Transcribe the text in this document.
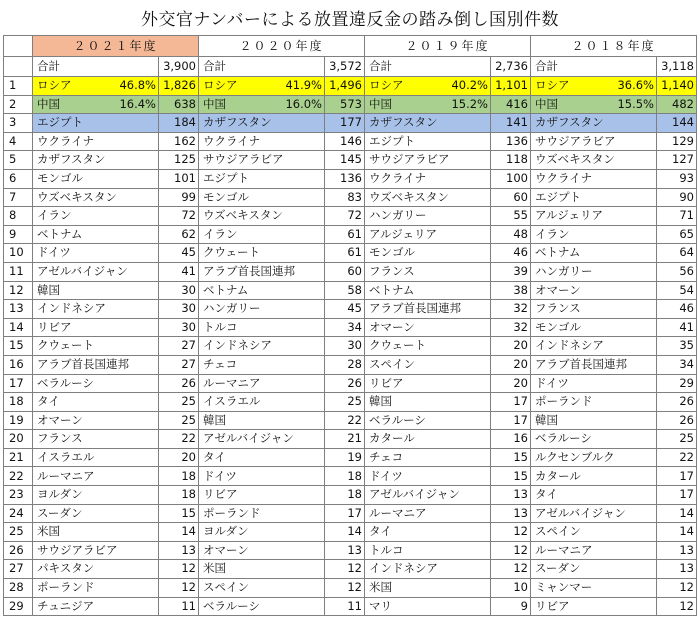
外交官ナンバーによる放置違反金の踏み倒し国別件数
２０２１年度	２０２０年度	２０１９年度	２０１８年度
合計	3,900 合計	3,572 合計	2,736 合計	3,118
1	ロシア	46.8% 1,826 ロシア	41.9% 1,496 ロシア	40.2% 1,101 ロシア	36.6% 1,140
2	中国	16.4%	638 中国	16.0%	573 中国	15.2%	416 中国	15.5%	482
3	エジプト	184 カザフスタン	177 カザフスタン	141 カザフスタン	144
4	ウクライナ	162 ウクライナ	146 エジプト	136 サウジアラビア	129
5	カザフスタン	125 サウジアラビア	145 サウジアラビア	118 ウズベキスタン	127
6	モンゴル	101 エジプト	136 ウクライナ	100 ウクライナ	93
7	ウズベキスタン	99 モンゴル	83 ウズベキスタン	60 エジプト	90
8	イラン	72 ウズベキスタン	72 ハンガリー	55 アルジェリア	71
9	ベトナム	62 イラン	61 アルジェリア	48 イラン	65
10	ドイツ	45 クウェート	61 モンゴル	46 ベトナム	64
11	アゼルバイジャン	41 アラブ首長国連邦	60 フランス	39 ハンガリー	56
12	韓国	30 ベトナム	58 ベトナム	38 オマーン	54
13	インドネシア	30 ハンガリー	45 アラブ首長国連邦	32 フランス	46
14	リビア	30 トルコ	34 オマーン	32 モンゴル	41
15	クウェート	27 インドネシア	30 クウェート	20 インドネシア	35
16	アラブ首長国連邦	27 チェコ	28 スペイン	20 アラブ首長国連邦	34
17	ベラルーシ	26 ルーマニア	26 リビア	20 ドイツ	29
18	タイ	25 イスラエル	25 韓国	17 ポーランド	26
19	オマーン	25 韓国	22 ベラルーシ	17 韓国	26
20	フランス	22 アゼルバイジャン	21 カタール	16 ベラルーシ	25
21	イスラエル	20 タイ	19 チェコ	15 ルクセンブルク	22
22	ルーマニア	18 ドイツ	18 ドイツ	15 カタール	17
23	ヨルダン	18 リビア	18 アゼルバイジャン	13 タイ	17
24	スーダン	15 ポーランド	17 ルーマニア	13 アゼルバイジャン	14
25	米国	14 ヨルダン	14 タイ	12 スペイン	14
26	サウジアラビア	13 オマーン	13 トルコ	12 ルーマニア	13
27	パキスタン	12 米国	12 インドネシア	12 スーダン	13
28	ポーランド	12 スペイン	12 米国	10 ミャンマー	12
29	チュニジア	11 ベラルーシ	11 マリ	9 リビア	12
